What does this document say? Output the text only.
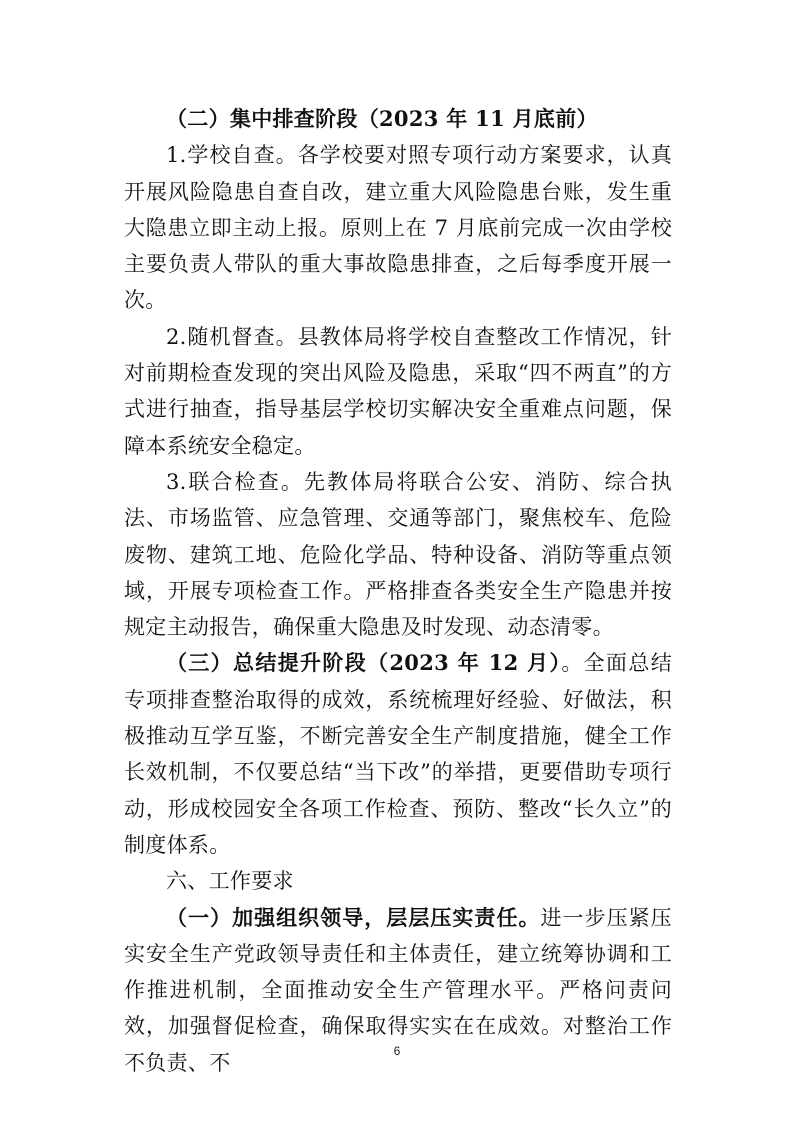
（二）集中排查阶段（2023 年 11 月底前）

1.学校自查。各学校要对照专项行动方案要求，认真开展风险隐患自查自改，建立重大风险隐患台账，发生重大隐患立即主动上报。原则上在 7 月底前完成一次由学校主要负责人带队的重大事故隐患排查，之后每季度开展一次。

2.随机督查。县教体局将学校自查整改工作情况，针对前期检查发现的突出风险及隐患，采取“四不两直”的方式进行抽查，指导基层学校切实解决安全重难点问题，保障本系统安全稳定。

3.联合检查。先教体局将联合公安、消防、综合执法、市场监管、应急管理、交通等部门，聚焦校车、危险废物、建筑工地、危险化学品、特种设备、消防等重点领域，开展专项检查工作。严格排查各类安全生产隐患并按规定主动报告，确保重大隐患及时发现、动态清零。

（三）总结提升阶段（2023 年 12 月）。全面总结专项排查整治取得的成效，系统梳理好经验、好做法，积极推动互学互鉴，不断完善安全生产制度措施，健全工作长效机制，不仅要总结“当下改”的举措，更要借助专项行动，形成校园安全各项工作检查、预防、整改“长久立”的制度体系。

六、工作要求

（一）加强组织领导，层层压实责任。进一步压紧压实安全生产党政领导责任和主体责任，建立统筹协调和工作推进机制，全面推动安全生产管理水平。严格问责问效，加强督促检查，确保取得实实在在成效。对整治工作不负责、不	6
